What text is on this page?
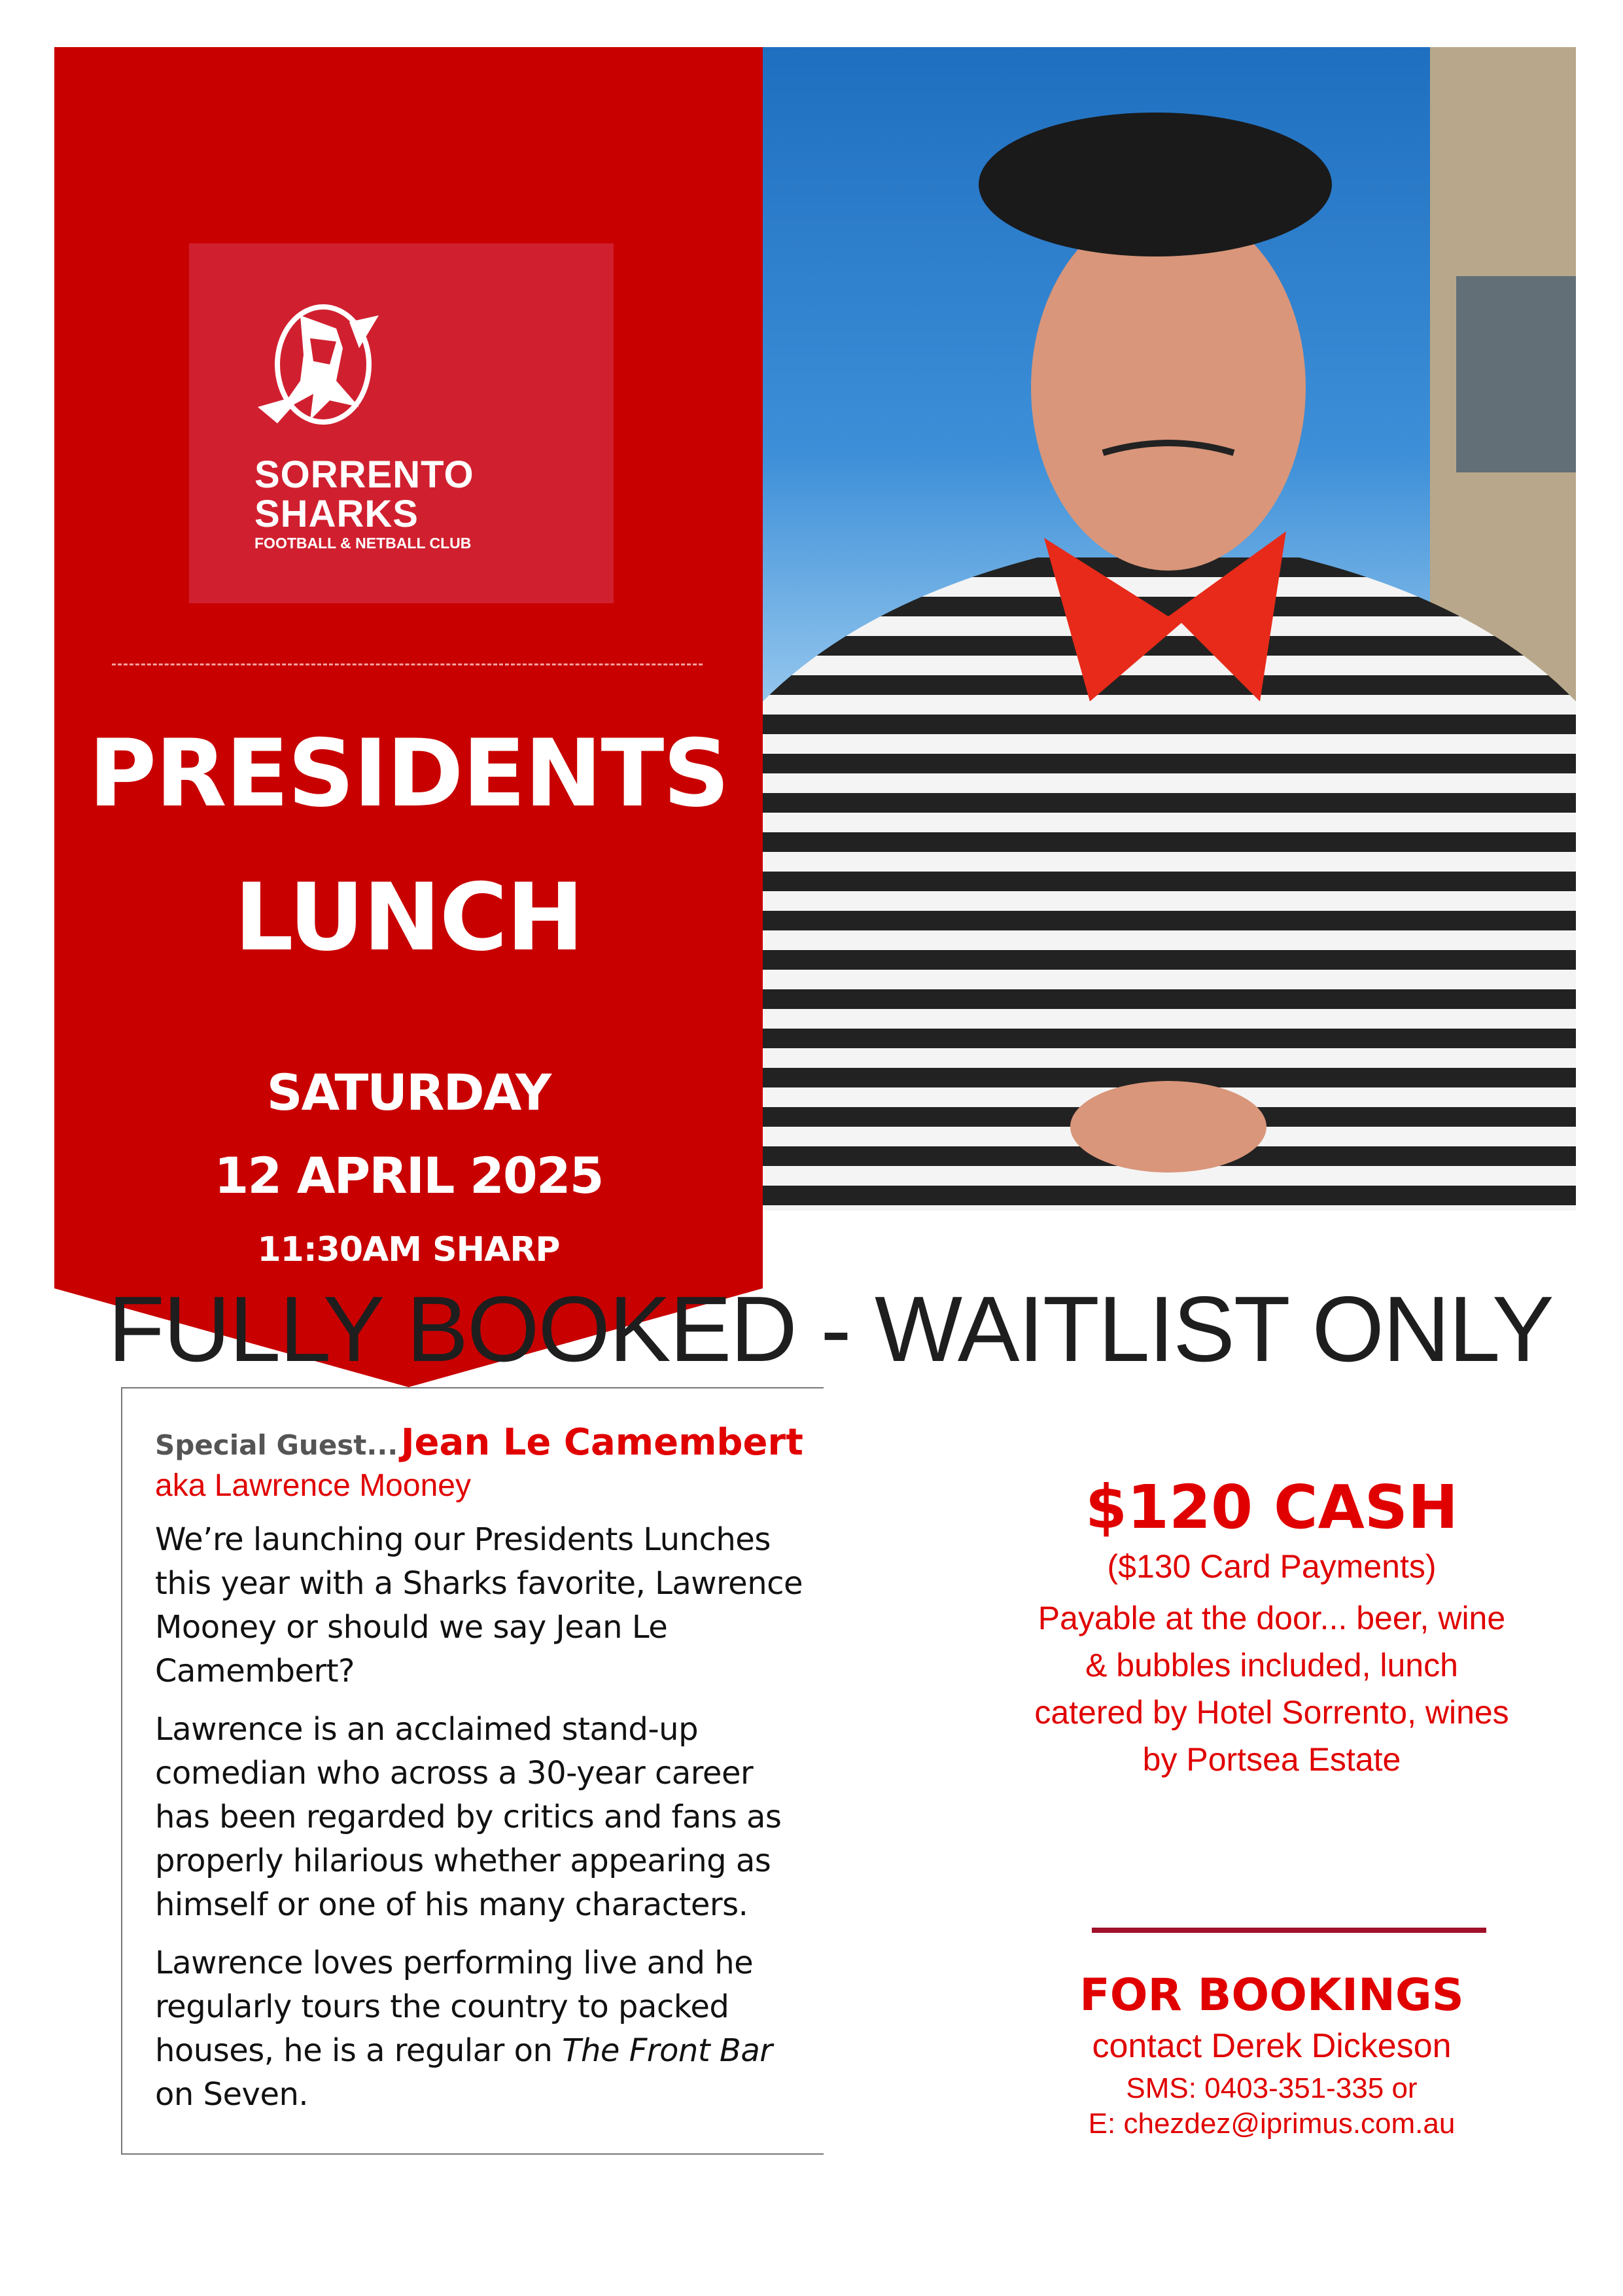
SORRENTO
SHARKS
FOOTBALL & NETBALL CLUB
PRESIDENTS
LUNCH
SATURDAY
12 APRIL 2025
11:30AM SHARP
FULLY BOOKED - WAITLIST ONLY
Special Guest... Jean Le Camembert
aka Lawrence Mooney
We’re launching our Presidents Lunches this year with a Sharks favorite, Lawrence Mooney or should we say Jean Le Camembert?
Lawrence is an acclaimed stand-up comedian who across a 30-year career has been regarded by critics and fans as properly hilarious whether appearing as himself or one of his many characters.
Lawrence loves performing live and he regularly tours the country to packed houses, he is a regular on The Front Bar on Seven.
$120 CASH
($130 Card Payments)
Payable at the door... beer, wine & bubbles included, lunch catered by Hotel Sorrento, wines by Portsea Estate
FOR BOOKINGS
contact Derek Dickeson
SMS: 0403-351-335 or
E: chezdez@iprimus.com.au
